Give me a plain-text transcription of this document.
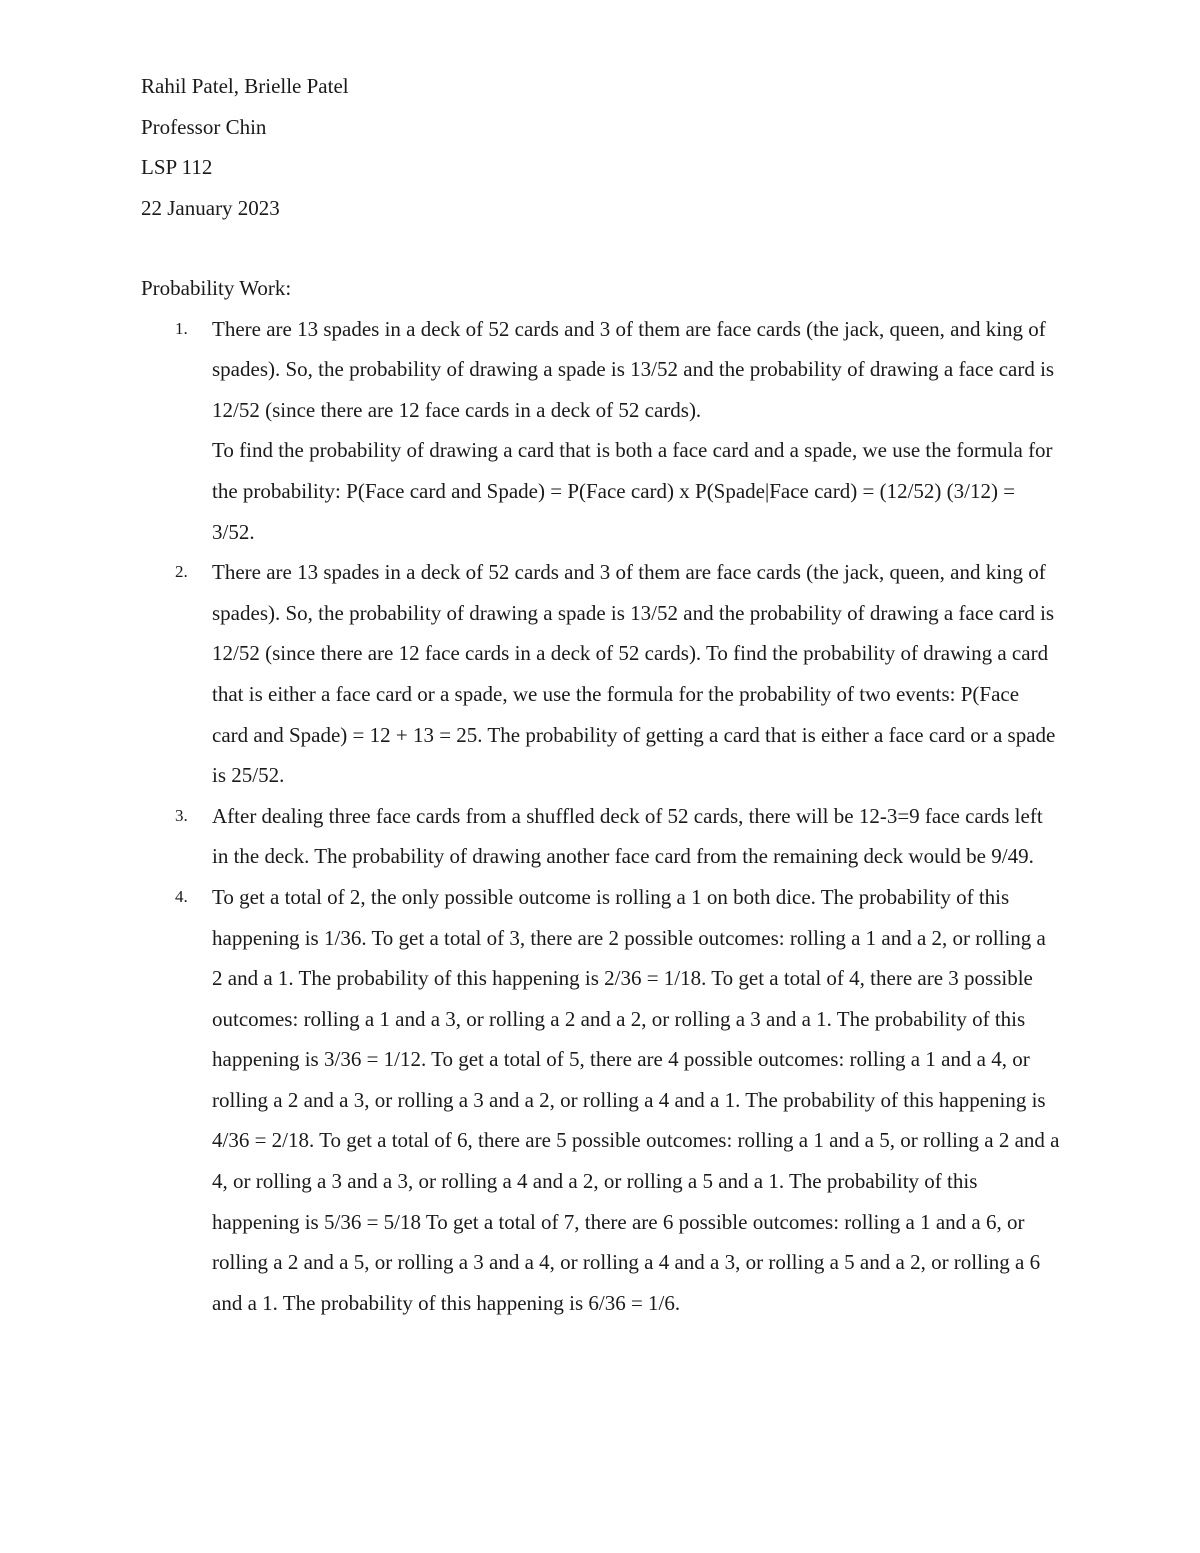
Rahil Patel, Brielle Patel
Professor Chin
LSP 112
22 January 2023
Probability Work:
1. There are 13 spades in a deck of 52 cards and 3 of them are face cards (the jack, queen, and king of spades). So, the probability of drawing a spade is 13/52 and the probability of drawing a face card is 12/52 (since there are 12 face cards in a deck of 52 cards).
To find the probability of drawing a card that is both a face card and a spade, we use the formula for the probability: P(Face card and Spade) = P(Face card) x P(Spade|Face card) = (12/52) (3/12) = 3/52.
2. There are 13 spades in a deck of 52 cards and 3 of them are face cards (the jack, queen, and king of spades). So, the probability of drawing a spade is 13/52 and the probability of drawing a face card is 12/52 (since there are 12 face cards in a deck of 52 cards). To find the probability of drawing a card that is either a face card or a spade, we use the formula for the probability of two events: P(Face card and Spade) = 12 + 13 = 25. The probability of getting a card that is either a face card or a spade is 25/52.
3. After dealing three face cards from a shuffled deck of 52 cards, there will be 12-3=9 face cards left in the deck. The probability of drawing another face card from the remaining deck would be 9/49.
4. To get a total of 2, the only possible outcome is rolling a 1 on both dice. The probability of this happening is 1/36. To get a total of 3, there are 2 possible outcomes: rolling a 1 and a 2, or rolling a 2 and a 1. The probability of this happening is 2/36 = 1/18. To get a total of 4, there are 3 possible outcomes: rolling a 1 and a 3, or rolling a 2 and a 2, or rolling a 3 and a 1. The probability of this happening is 3/36 = 1/12. To get a total of 5, there are 4 possible outcomes: rolling a 1 and a 4, or rolling a 2 and a 3, or rolling a 3 and a 2, or rolling a 4 and a 1. The probability of this happening is 4/36 = 2/18. To get a total of 6, there are 5 possible outcomes: rolling a 1 and a 5, or rolling a 2 and a 4, or rolling a 3 and a 3, or rolling a 4 and a 2, or rolling a 5 and a 1. The probability of this happening is 5/36 = 5/18 To get a total of 7, there are 6 possible outcomes: rolling a 1 and a 6, or rolling a 2 and a 5, or rolling a 3 and a 4, or rolling a 4 and a 3, or rolling a 5 and a 2, or rolling a 6 and a 1. The probability of this happening is 6/36 = 1/6.
